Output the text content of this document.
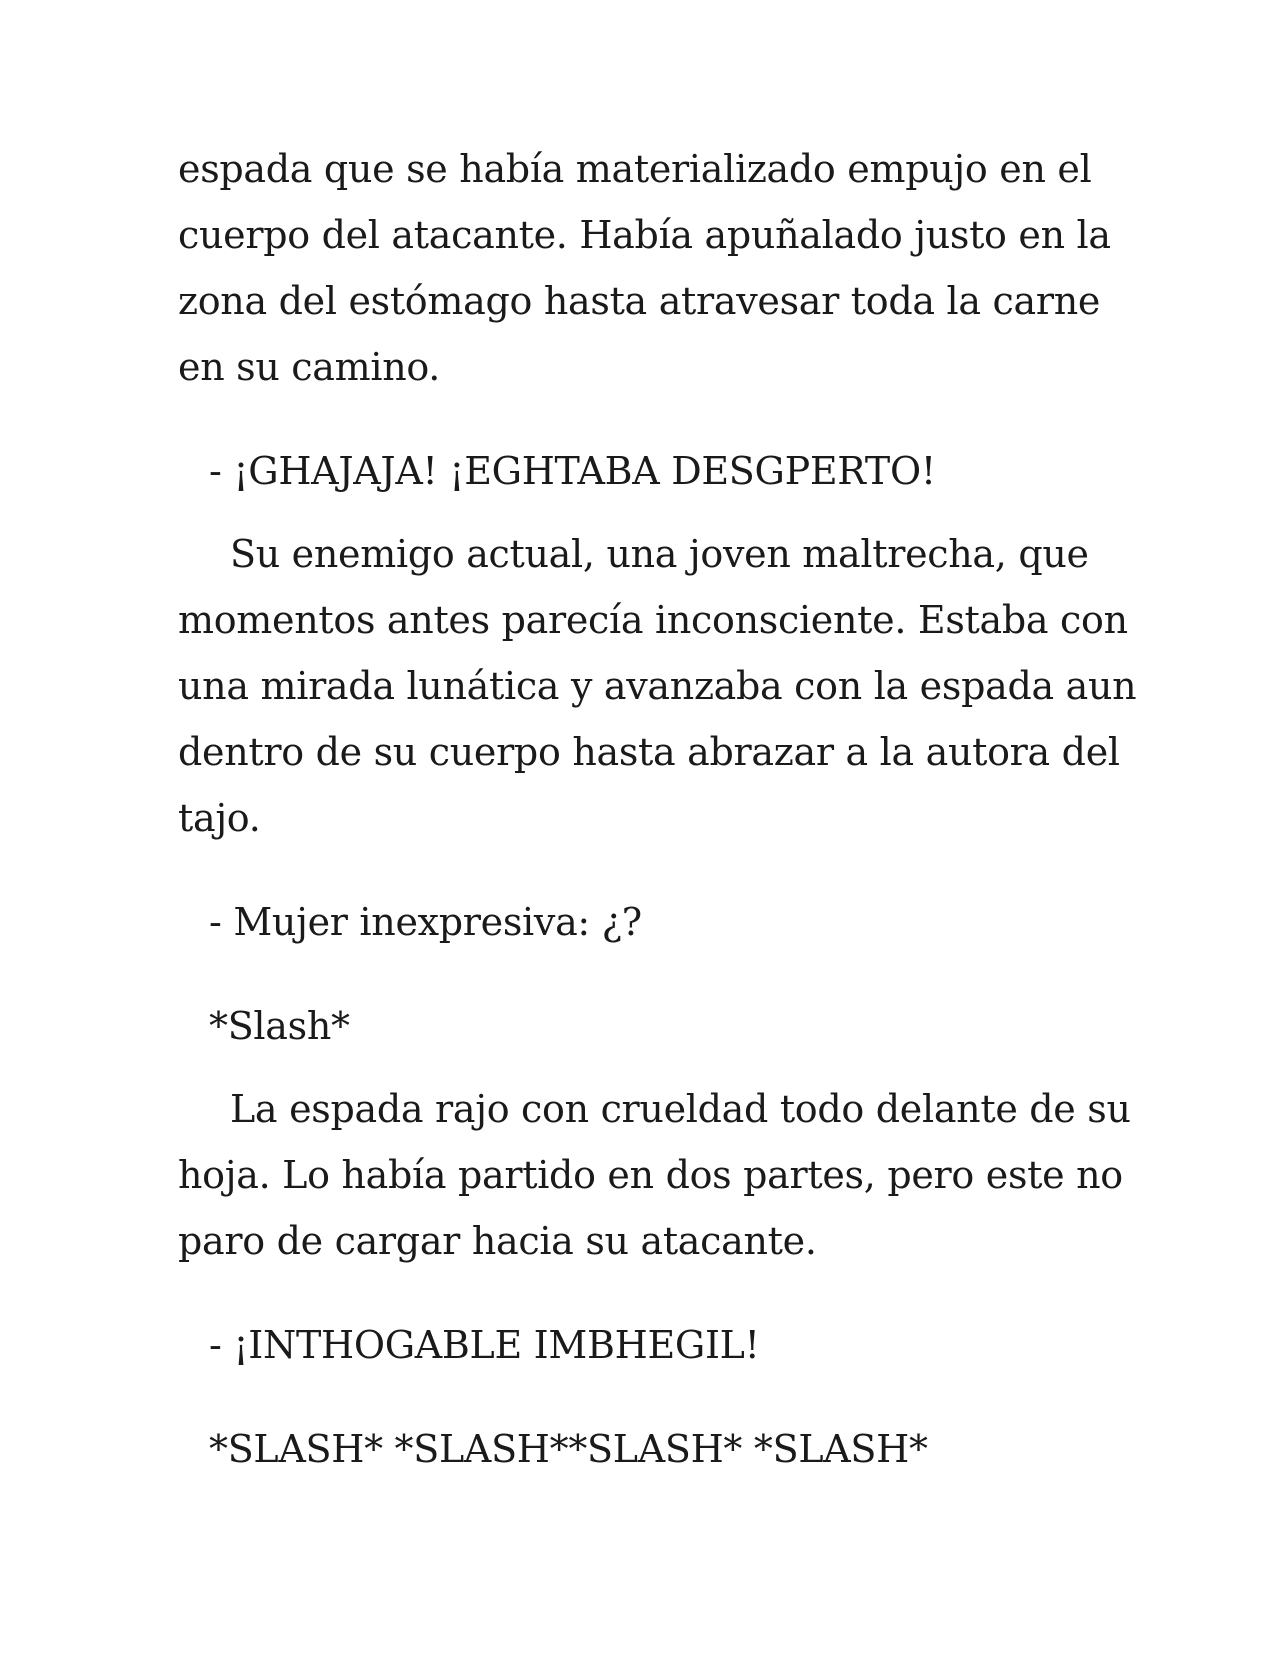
espada que se había materializado empujo en el
cuerpo del atacante. Había apuñalado justo en la
zona del estómago hasta atravesar toda la carne
en su camino.

- ¡GHAJAJA! ¡EGHTABA DESGPERTO!

Su enemigo actual, una joven maltrecha, que
momentos antes parecía inconsciente. Estaba con
una mirada lunática y avanzaba con la espada aun
dentro de su cuerpo hasta abrazar a la autora del
tajo.

- Mujer inexpresiva: ¿?

*Slash*

La espada rajo con crueldad todo delante de su
hoja. Lo había partido en dos partes, pero este no
paro de cargar hacia su atacante.

- ¡INTHOGABLE IMBHEGIL!

*SLASH* *SLASH**SLASH* *SLASH*
